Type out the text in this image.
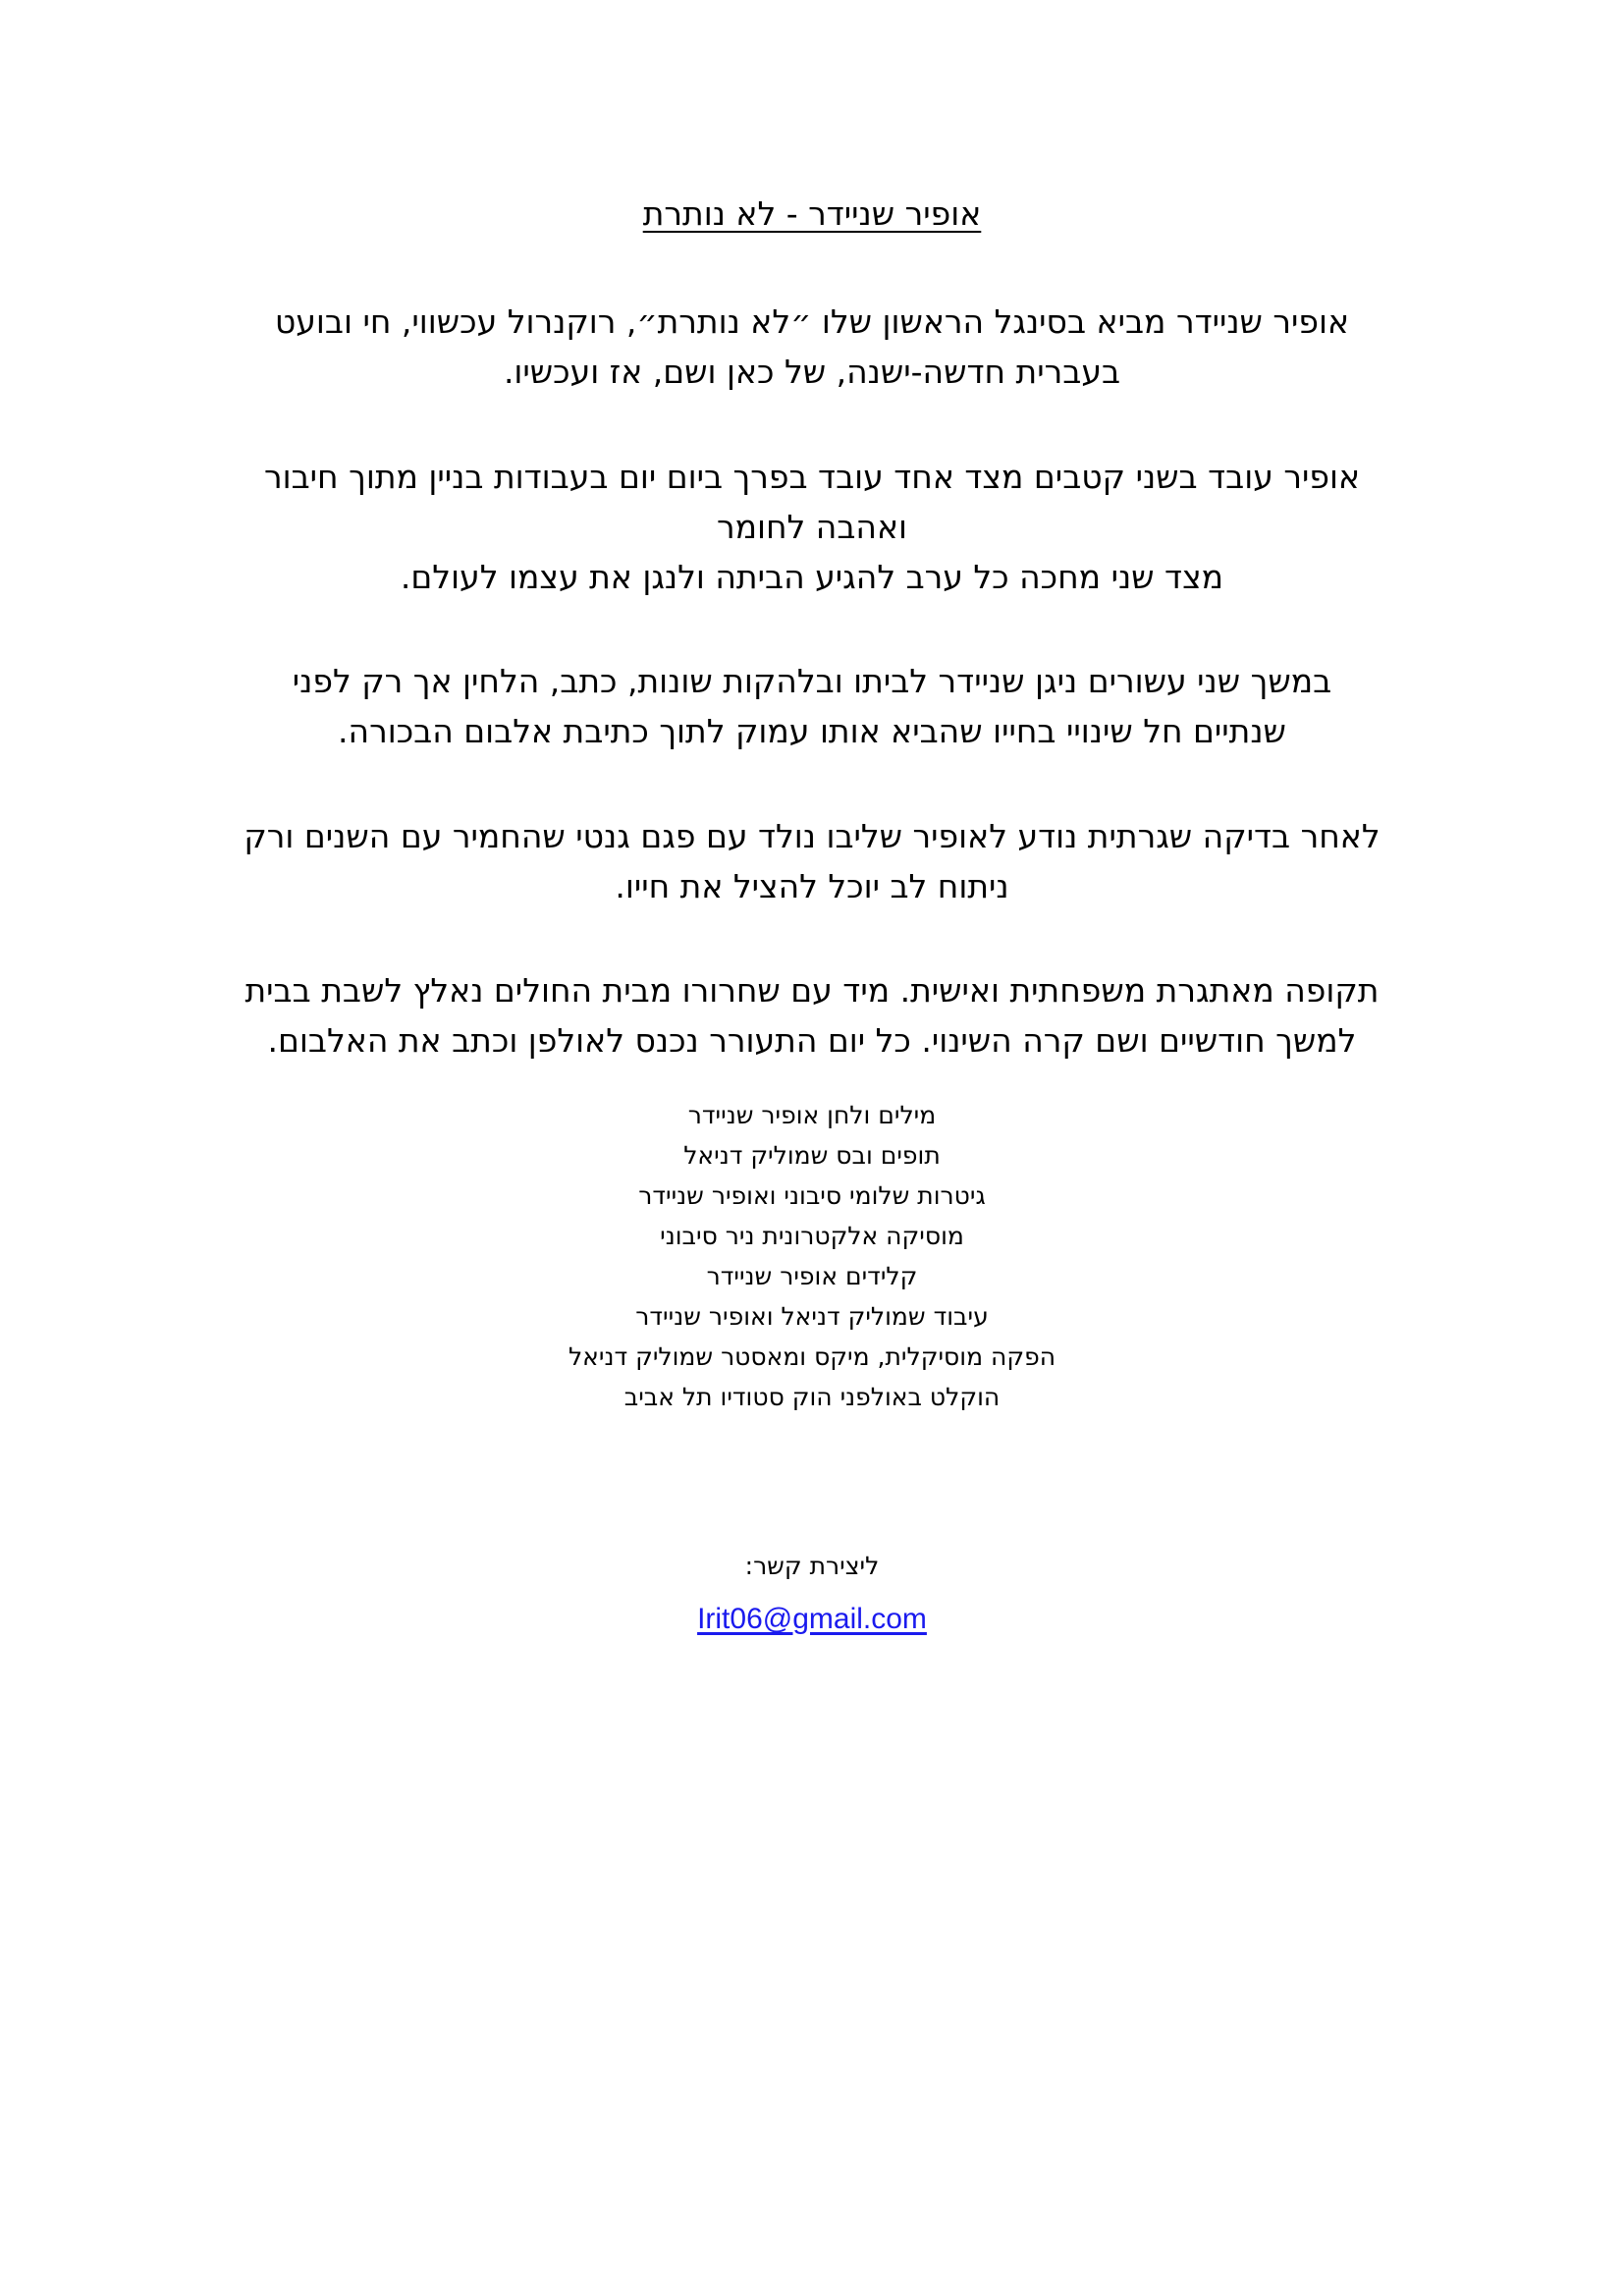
אופיר שניידר - לא נותרת
אופיר שניידר מביא בסינגל הראשון שלו ״לא נותרת״, רוקנרול עכשווי, חי ובועט
בעברית חדשה-ישנה, של כאן ושם, אז ועכשיו.
אופיר עובד בשני קטבים מצד אחד עובד בפרך ביום יום בעבודות בניין מתוך חיבור
ואהבה לחומר
מצד שני מחכה כל ערב להגיע הביתה ולנגן את עצמו לעולם.
במשך שני עשורים ניגן שניידר לביתו ובלהקות שונות, כתב, הלחין אך רק לפני
שנתיים חל שינויי בחייו שהביא אותו עמוק לתוך כתיבת אלבום הבכורה.
לאחר בדיקה שגרתית נודע לאופיר שליבו נולד עם פגם גנטי שהחמיר עם השנים ורק
ניתוח לב יוכל להציל את חייו.
תקופה מאתגרת משפחתית ואישית. מיד עם שחרורו מבית החולים נאלץ לשבת בבית
למשך חודשיים ושם קרה השינוי. כל יום התעורר נכנס לאולפן וכתב את האלבום.
מילים ולחן אופיר שניידר
תופים ובס שמוליק דניאל
גיטרות שלומי סיבוני ואופיר שניידר
מוסיקה אלקטרונית ניר סיבוני
קלידים אופיר שניידר
עיבוד שמוליק דניאל ואופיר שניידר
הפקה מוסיקלית, מיקס ומאסטר שמוליק דניאל
הוקלט באולפני הוק סטודיו תל אביב
ליצירת קשר:
Irit06@gmail.com
